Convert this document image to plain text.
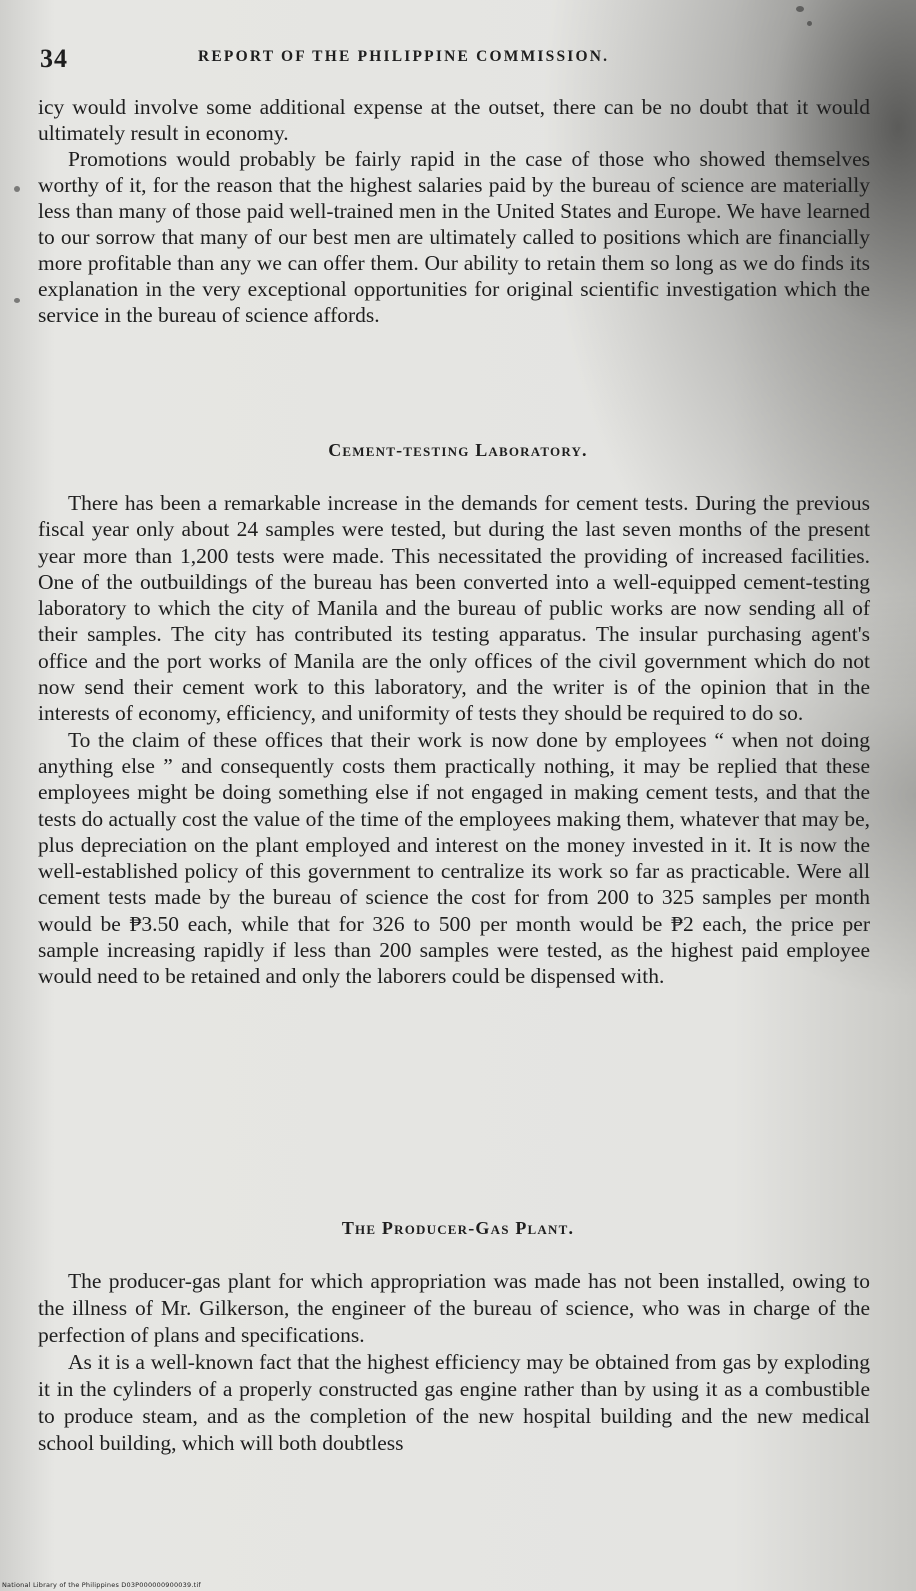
34	REPORT OF THE PHILIPPINE COMMISSION.

icy would involve some additional expense at the outset, there can be no doubt that it would ultimately result in economy.

Promotions would probably be fairly rapid in the case of those who showed themselves worthy of it, for the reason that the highest salaries paid by the bureau of science are materially less than many of those paid well-trained men in the United States and Europe. We have learned to our sorrow that many of our best men are ultimately called to positions which are financially more profitable than any we can offer them. Our ability to retain them so long as we do finds its explanation in the very exceptional opportunities for original scientific investigation which the service in the bureau of science affords.

Cement-testing Laboratory.

There has been a remarkable increase in the demands for cement tests. During the previous fiscal year only about 24 samples were tested, but during the last seven months of the present year more than 1,200 tests were made. This necessitated the providing of increased facilities. One of the outbuildings of the bureau has been converted into a well-equipped cement-testing laboratory to which the city of Manila and the bureau of public works are now sending all of their samples. The city has contributed its testing apparatus. The insular purchasing agent's office and the port works of Manila are the only offices of the civil government which do not now send their cement work to this laboratory, and the writer is of the opinion that in the interests of economy, efficiency, and uniformity of tests they should be required to do so.

To the claim of these offices that their work is now done by employees “ when not doing anything else ” and consequently costs them practically nothing, it may be replied that these employees might be doing something else if not engaged in making cement tests, and that the tests do actually cost the value of the time of the employees making them, whatever that may be, plus depreciation on the plant employed and interest on the money invested in it. It is now the well-established policy of this government to centralize its work so far as practicable. Were all cement tests made by the bureau of science the cost for from 200 to 325 samples per month would be ₱3.50 each, while that for 326 to 500 per month would be ₱2 each, the price per sample increasing rapidly if less than 200 samples were tested, as the highest paid employee would need to be retained and only the laborers could be dispensed with.

The Producer-Gas Plant.

The producer-gas plant for which appropriation was made has not been installed, owing to the illness of Mr. Gilkerson, the engineer of the bureau of science, who was in charge of the perfection of plans and specifications.

As it is a well-known fact that the highest efficiency may be obtained from gas by exploding it in the cylinders of a properly constructed gas engine rather than by using it as a combustible to produce steam, and as the completion of the new hospital building and the new medical school building, which will both doubtless

National Library of the Philippines D03P000000900039.tif
